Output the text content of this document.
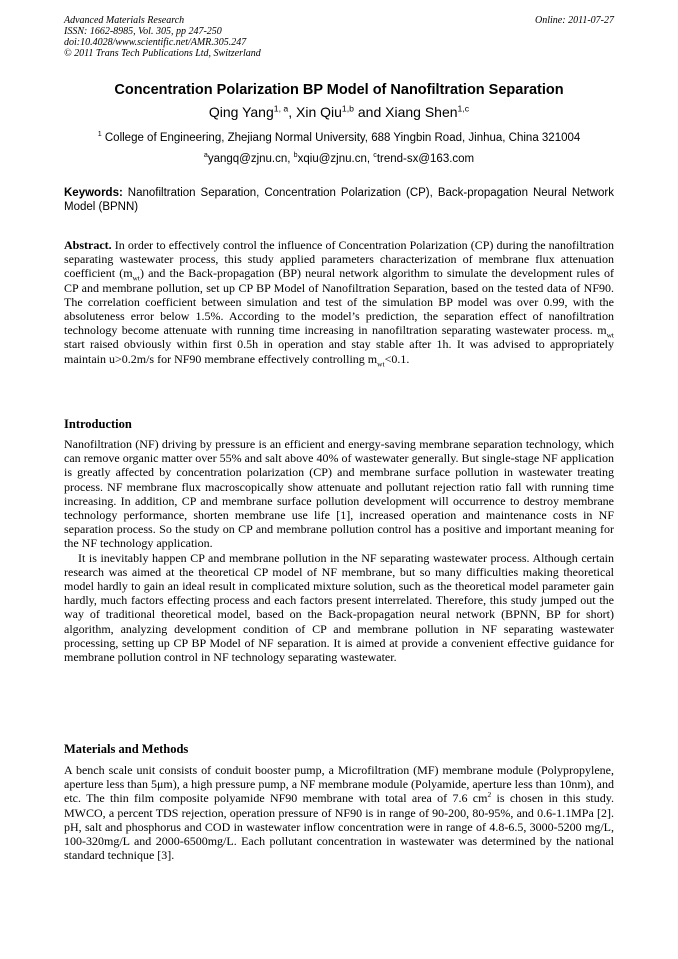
Advanced Materials Research
ISSN: 1662-8985, Vol. 305, pp 247-250
doi:10.4028/www.scientific.net/AMR.305.247
© 2011 Trans Tech Publications Ltd, Switzerland
Online: 2011-07-27
Concentration Polarization BP Model of Nanofiltration Separation
Qing Yang$^{1, a}$, Xin Qiu$^{1,b}$ and Xiang Shen$^{1,c}$
$^1$ College of Engineering, Zhejiang Normal University, 688 Yingbin Road, Jinhua, China 321004
$^a$yangq@zjnu.cn, $^b$xqiu@zjnu.cn, $^c$trend-sx@163.com
Keywords: Nanofiltration Separation, Concentration Polarization (CP), Back-propagation Neural Network Model (BPNN)
Abstract. In order to effectively control the influence of Concentration Polarization (CP) during the nanofiltration separating wastewater process, this study applied parameters characterization of membrane flux attenuation coefficient $(m_{wt})$ and the Back-propagation (BP) neural network algorithm to simulate the development rules of CP and membrane pollution, set up CP BP Model of Nanofiltration Separation, based on the tested data of NF90. The correlation coefficient between simulation and test of the simulation BP model was over 0.99, with the absoluteness error below 1.5%. According to the model’s prediction, the separation effect of nanofiltration technology become attenuate with running time increasing in nanofiltration separating wastewater process. $m_{wt}$ start raised obviously within first 0.5h in operation and stay stable after 1h. It was advised to appropriately maintain u>0.2m/s for NF90 membrane effectively controlling $m_{wt}<0.1$.
Introduction

Nanofiltration (NF) driving by pressure is an efficient and energy-saving membrane separation technology, which can remove organic matter over 55% and salt above 40% of wastewater generally. But single-stage NF application is greatly affected by concentration polarization (CP) and membrane surface pollution in wastewater treating process. NF membrane flux macroscopically show attenuate and pollutant rejection ratio fall with running time increasing. In addition, CP and membrane surface pollution development will occurrence to destroy membrane technology performance, shorten membrane use life [1], increased operation and maintenance costs in NF separation process. So the study on CP and membrane pollution control has a positive and important meaning for the NF technology application.

It is inevitably happen CP and membrane pollution in the NF separating wastewater process. Although certain research was aimed at the theoretical CP model of NF membrane, but so many difficulties making theoretical model hardly to gain an ideal result in complicated mixture solution, such as the theoretical model parameter gain hardly, much factors effecting process and each factors present interrelated. Therefore, this study jumped out the way of traditional theoretical model, based on the Back-propagation neural network (BPNN, BP for short) algorithm, analyzing development condition of CP and membrane pollution in NF separating wastewater processing, setting up CP BP Model of NF separation. It is aimed at provide a convenient effective guidance for membrane pollution control in NF technology separating wastewater.

Materials and Methods
A bench scale unit consists of conduit booster pump, a Microfiltration (MF) membrane module (Polypropylene, aperture less than 5μm), a high pressure pump, a NF membrane module (Polyamide, aperture less than 10nm), and etc. The thin film composite polyamide NF90 membrane with total area of 7.6 $cm^2$ is chosen in this study. MWCO, a percent TDS rejection, operation pressure of NF90 is in range of 90-200, 80-95%, and 0.6-1.1MPa [2]. pH, salt and phosphorus and COD in wastewater inflow concentration were in range of 4.8-6.5, 3000-5200 mg/L, 100-320mg/L and 2000-6500mg/L. Each pollutant concentration in wastewater was determined by the national standard technique [3].
